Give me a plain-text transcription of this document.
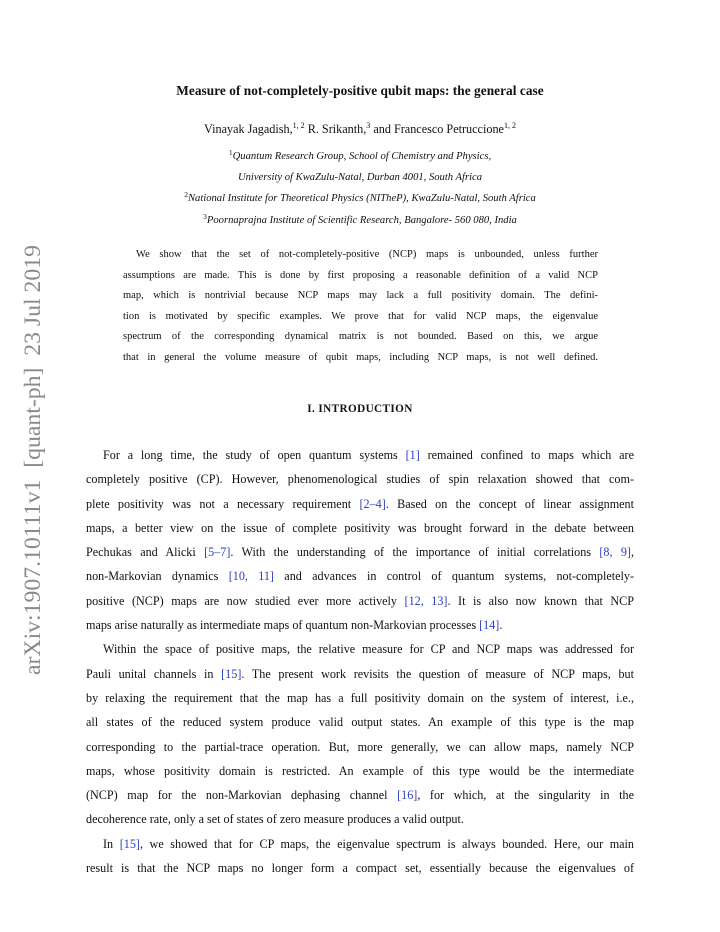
arXiv:1907.10111v1  [quant-ph]  23 Jul 2019
Measure of not-completely-positive qubit maps: the general case
Vinayak Jagadish,$^{1, 2}$ R. Srikanth,$^3$ and Francesco Petruccione$^{1, 2}$
$^1$Quantum Research Group, School of Chemistry and Physics,
University of KwaZulu-Natal, Durban 4001, South Africa
$^2$National Institute for Theoretical Physics (NITheP), KwaZulu-Natal, South Africa
$^3$Poornaprajna Institute of Scientific Research, Bangalore- 560 080, India
We show that the set of not-completely-positive (NCP) maps is unbounded, unless further
assumptions are made. This is done by first proposing a reasonable definition of a valid NCP
map, which is nontrivial because NCP maps may lack a full positivity domain. The defini-
tion is motivated by specific examples. We prove that for valid NCP maps, the eigenvalue
spectrum of the corresponding dynamical matrix is not bounded. Based on this, we argue
that in general the volume measure of qubit maps, including NCP maps, is not well defined.
I. INTRODUCTION
For a long time, the study of open quantum systems [1] remained confined to maps which are
completely positive (CP). However, phenomenological studies of spin relaxation showed that com-
plete positivity was not a necessary requirement [2–4]. Based on the concept of linear assignment
maps, a better view on the issue of complete positivity was brought forward in the debate between
Pechukas and Alicki [5–7]. With the understanding of the importance of initial correlations [8, 9],
non-Markovian dynamics [10, 11] and advances in control of quantum systems, not-completely-
positive (NCP) maps are now studied ever more actively [12, 13]. It is also now known that NCP
maps arise naturally as intermediate maps of quantum non-Markovian processes [14].
Within the space of positive maps, the relative measure for CP and NCP maps was addressed for
Pauli unital channels in [15]. The present work revisits the question of measure of NCP maps, but
by relaxing the requirement that the map has a full positivity domain on the system of interest, i.e.,
all states of the reduced system produce valid output states. An example of this type is the map
corresponding to the partial-trace operation. But, more generally, we can allow maps, namely NCP
maps, whose positivity domain is restricted. An example of this type would be the intermediate
(NCP) map for the non-Markovian dephasing channel [16], for which, at the singularity in the
decoherence rate, only a set of states of zero measure produces a valid output.
In [15], we showed that for CP maps, the eigenvalue spectrum is always bounded. Here, our main
result is that the NCP maps no longer form a compact set, essentially because the eigenvalues of
